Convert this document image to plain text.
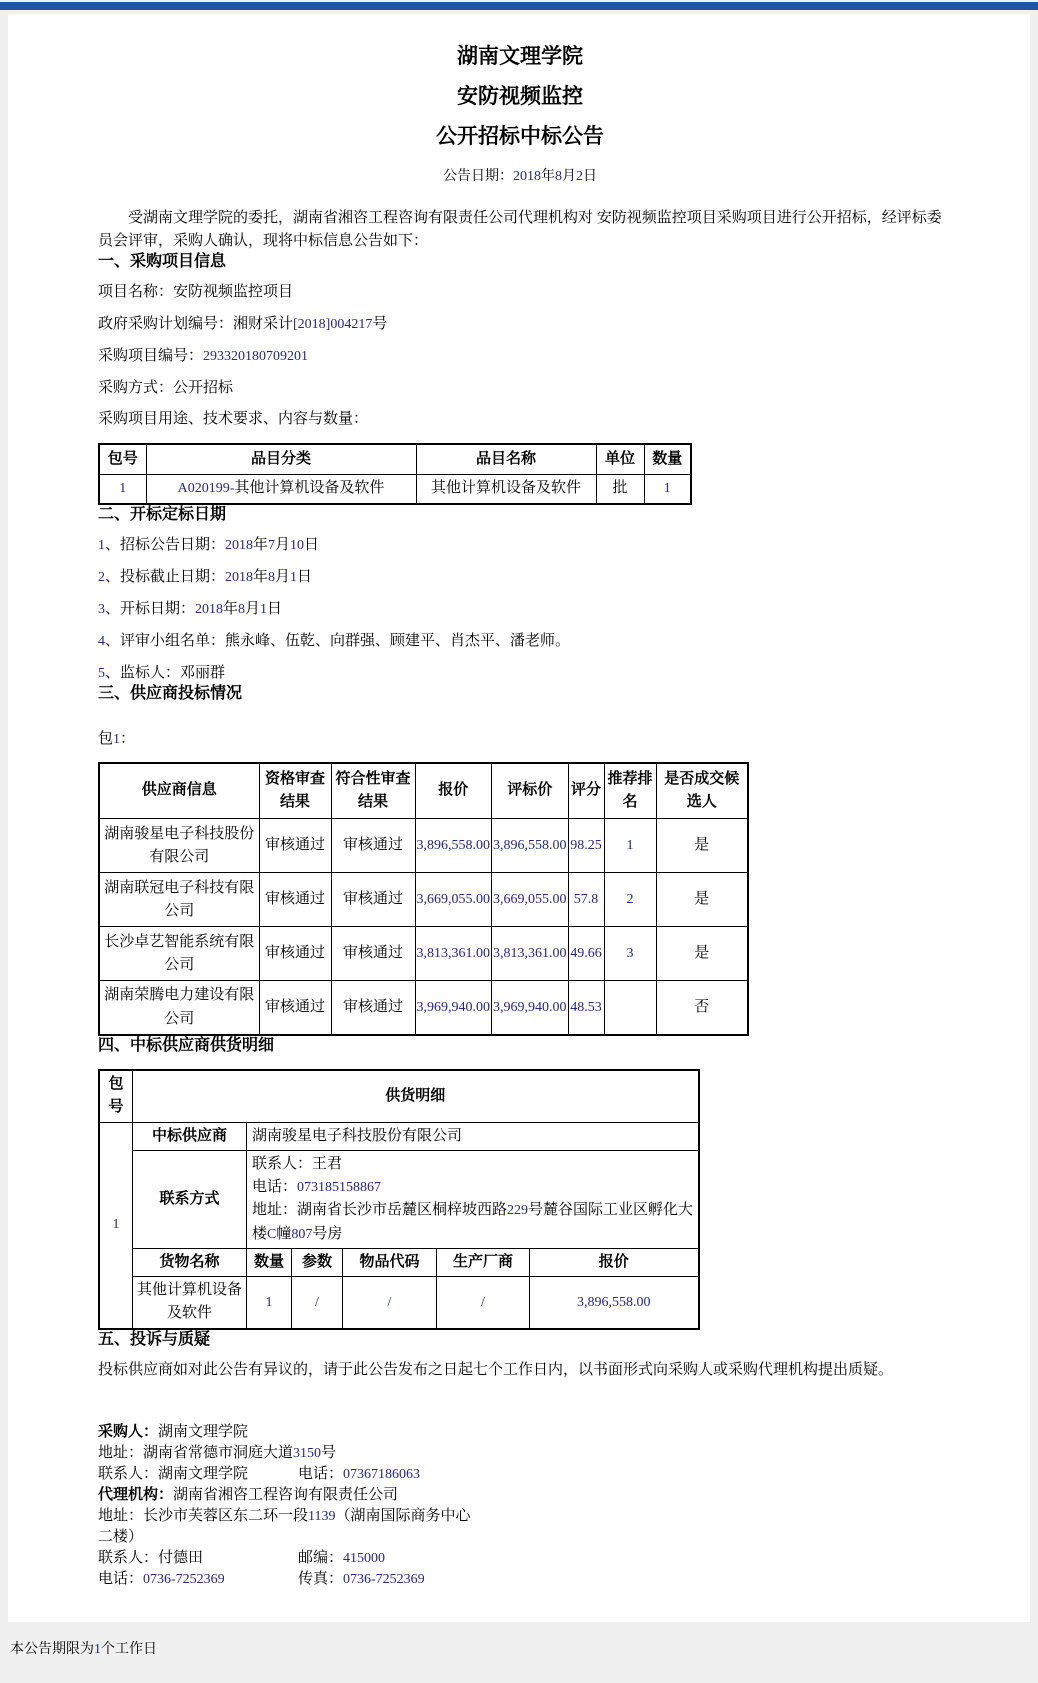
湖南文理学院
安防视频监控
公开招标中标公告
公告日期：2018年8月2日

受湖南文理学院的委托，湖南省湘咨工程咨询有限责任公司代理机构对 安防视频监控项目采购项目进行公开招标，经评标委员会评审，采购人确认，现将中标信息公告如下：

一、采购项目信息

项目名称：安防视频监控项目

政府采购计划编号：湘财采计[2018]004217号

采购项目编号：293320180709201

采购方式：公开招标

采购项目用途、技术要求、内容与数量：

包号	品目分类	品目名称	单位	数量
1	A020199-其他计算机设备及软件	其他计算机设备及软件	批	1
二、开标定标日期

1、招标公告日期：2018年7月10日

2、投标截止日期：2018年8月1日

3、开标日期：2018年8月1日

4、评审小组名单：熊永峰、伍乾、向群强、顾建平、肖杰平、潘老师。

5、监标人：邓丽群

三、供应商投标情况

包1：

供应商信息	资格审查结果	符合性审查结果	报价	评标价	评分	推荐排名	是否成交候选人
湖南骏星电子科技股份有限公司	审核通过	审核通过	3,896,558.00	3,896,558.00	98.25	1	是
湖南联冠电子科技有限公司	审核通过	审核通过	3,669,055.00	3,669,055.00	57.8	2	是
长沙卓艺智能系统有限公司	审核通过	审核通过	3,813,361.00	3,813,361.00	49.66	3	是
湖南荣腾电力建设有限公司	审核通过	审核通过	3,969,940.00	3,969,940.00	48.53		否
四、中标供应商供货明细
包号	供货明细					
1	中标供应商	湖南骏星电子科技股份有限公司				
	联系方式	联系人：王君
电话：073185158867
地址：湖南省长沙市岳麓区桐梓坡西路229号麓谷国际工业区孵化大楼C幢807号房				

	货物名称	数量	参数	物品代码	生产厂商	报价
	其他计算机设备及软件	1	/	/	/	3,896,558.00
五、投诉与质疑

投标供应商如对此公告有异议的，请于此公告发布之日起七个工作日内，以书面形式向采购人或采购代理机构提出质疑。

采购人：湖南文理学院
地址：湖南省常德市洞庭大道3150号
联系人：湖南文理学院	电话：07367186063
代理机构：湖南省湘咨工程咨询有限责任公司
地址：长沙市芙蓉区东二环一段1139（湖南国际商务中心
二楼）
联系人：付德田	邮编：415000
电话：0736-7252369	传真：0736-7252369
本公告期限为1个工作日
